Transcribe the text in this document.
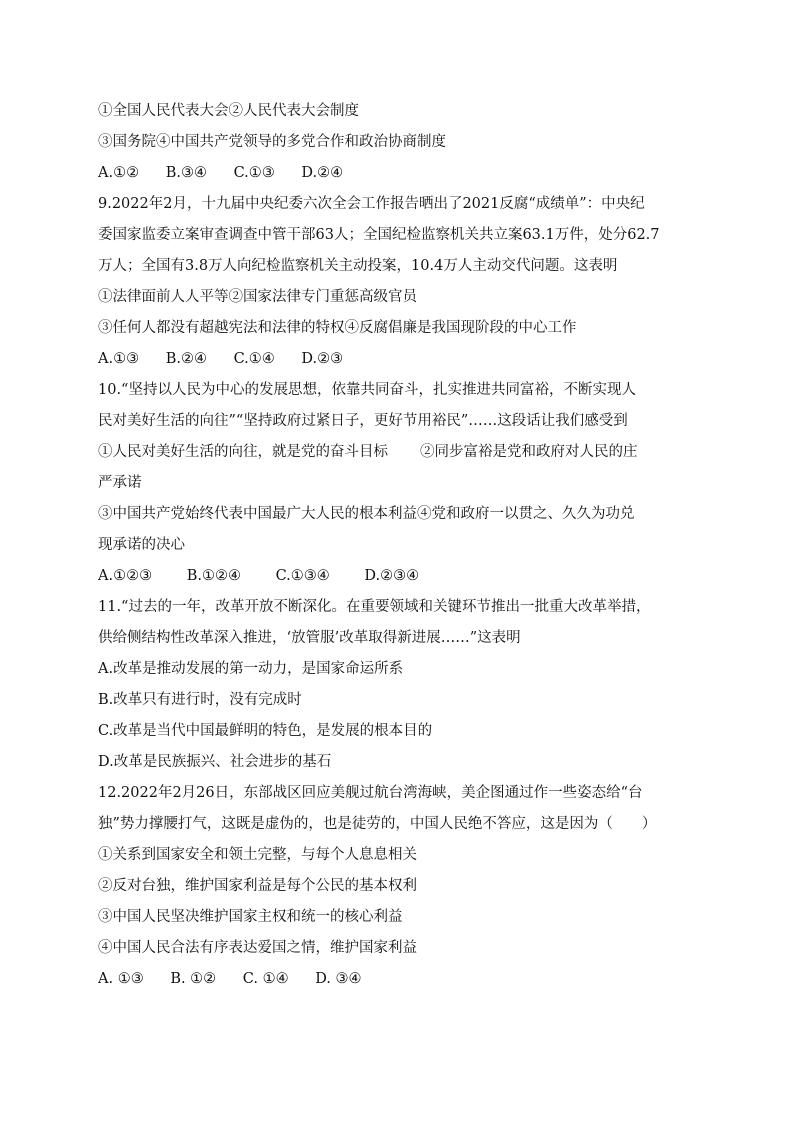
①全国人民代表大会②人民代表大会制度
③国务院④中国共产党领导的多党合作和政治协商制度
A.①② B.③④ C.①③ D.②④
9.2022年2月，十九届中央纪委六次全会工作报告晒出了2021反腐“成绩单”：中央纪
委国家监委立案审查调查中管干部63人；全国纪检监察机关共立案63.1万件，处分62.7
万人；全国有3.8万人向纪检监察机关主动投案，10.4万人主动交代问题。这表明
①法律面前人人平等②国家法律专门重惩高级官员
③任何人都没有超越宪法和法律的特权④反腐倡廉是我国现阶段的中心工作
A.①③ B.②④ C.①④ D.②③
10.“坚持以人民为中心的发展思想，依靠共同奋斗，扎实推进共同富裕，不断实现人
民对美好生活的向往”“坚持政府过紧日子，更好节用裕民”……这段话让我们感受到
①人民对美好生活的向往，就是党的奋斗目标 ②同步富裕是党和政府对人民的庄
严承诺
③中国共产党始终代表中国最广大人民的根本利益④党和政府一以贯之、久久为功兑
现承诺的决心
A.①②③ B.①②④ C.①③④ D.②③④
11.“过去的一年，改革开放不断深化。在重要领域和关键环节推出一批重大改革举措，
供给侧结构性改革深入推进，‘放管服’改革取得新进展……”这表明
A.改革是推动发展的第一动力，是国家命运所系
B.改革只有进行时，没有完成时
C.改革是当代中国最鲜明的特色，是发展的根本目的
D.改革是民族振兴、社会进步的基石
12.2022年2月26日，东部战区回应美舰过航台湾海峡，美企图通过作一些姿态给“台
独”势力撑腰打气，这既是虚伪的，也是徒劳的，中国人民绝不答应，这是因为（　　）
①关系到国家安全和领土完整，与每个人息息相关
②反对台独，维护国家利益是每个公民的基本权利
③中国人民坚决维护国家主权和统一的核心利益
④中国人民合法有序表达爱国之情，维护国家利益
A. ①③ B. ①② C. ①④ D. ③④
